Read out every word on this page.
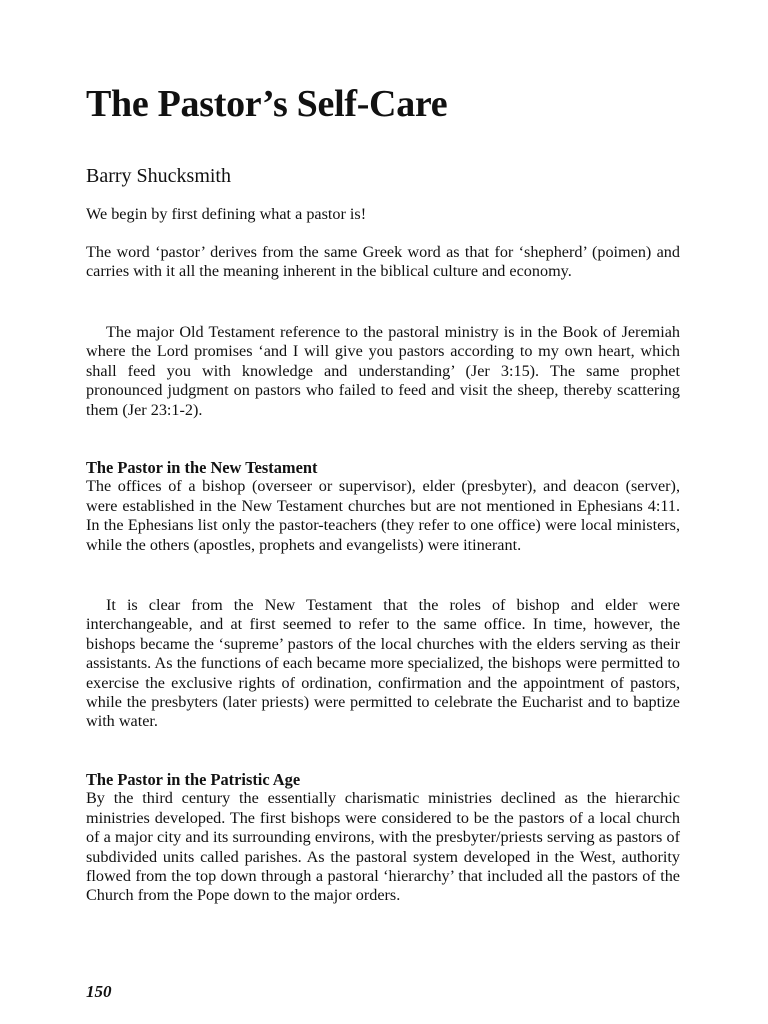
The Pastor’s Self-Care
Barry Shucksmith

We begin by first defining what a pastor is!

The word ‘pastor’ derives from the same Greek word as that for ‘shepherd’ (poimen) and carries with it all the meaning inherent in the biblical culture and economy.

The major Old Testament reference to the pastoral ministry is in the Book of Jeremiah where the Lord promises ‘and I will give you pastors according to my own heart, which shall feed you with knowledge and understanding’ (Jer 3:15). The same prophet pronounced judgment on pastors who failed to feed and visit the sheep, thereby scattering them (Jer 23:1-2).

The Pastor in the New Testament

The offices of a bishop (overseer or supervisor), elder (presbyter), and deacon (server), were established in the New Testament churches but are not mentioned in Ephesians 4:11. In the Ephesians list only the pastor-teachers (they refer to one office) were local ministers, while the others (apostles, prophets and evangelists) were itinerant.

It is clear from the New Testament that the roles of bishop and elder were interchangeable, and at first seemed to refer to the same office. In time, however, the bishops became the ‘supreme’ pastors of the local churches with the elders serving as their assistants. As the functions of each became more specialized, the bishops were permitted to exercise the exclusive rights of ordination, confirmation and the appointment of pastors, while the presbyters (later priests) were permitted to celebrate the Eucharist and to baptize with water.

The Pastor in the Patristic Age

By the third century the essentially charismatic ministries declined as the hierarchic ministries developed. The first bishops were considered to be the pastors of a local church of a major city and its surrounding environs, with the presbyter/priests serving as pastors of subdivided units called parishes. As the pastoral system developed in the West, authority flowed from the top down through a pastoral ‘hierarchy’ that included all the pastors of the Church from the Pope down to the major orders.

150
